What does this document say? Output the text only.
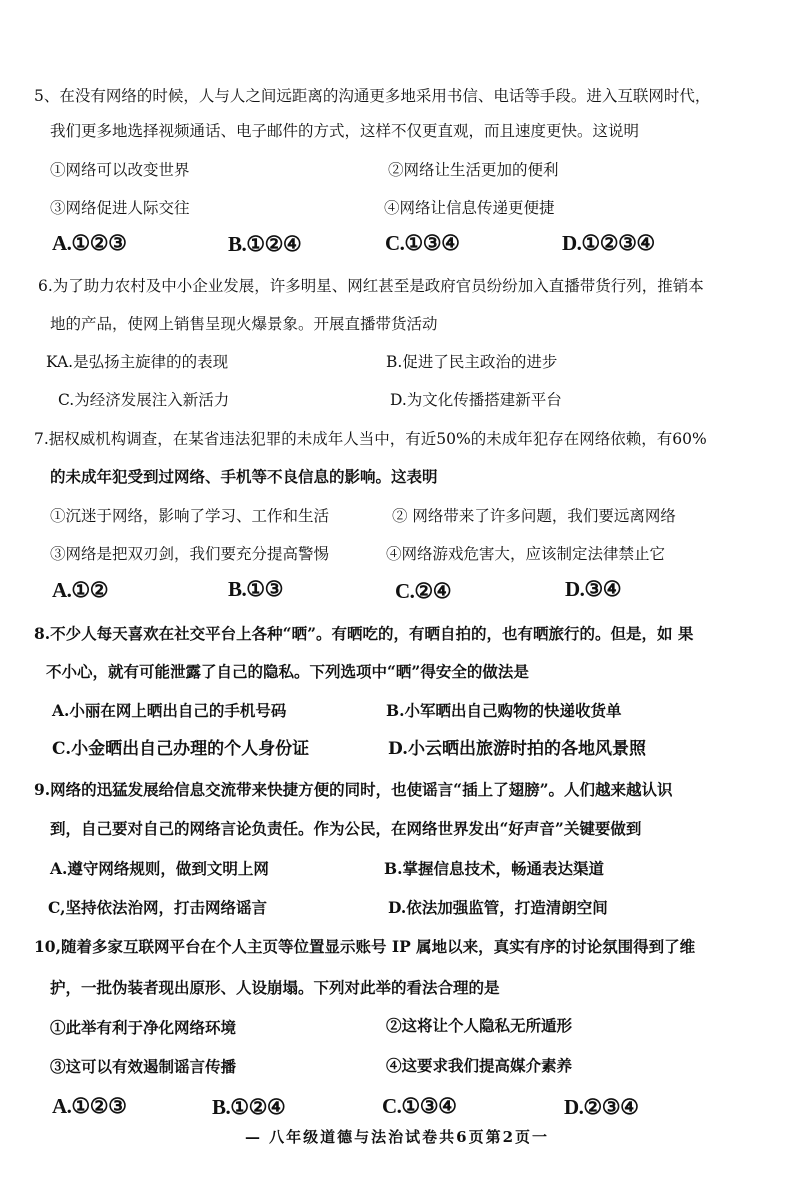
5、在没有网络的时候，人与人之间远距离的沟通更多地采用书信、电话等手段。进入互联网时代，
我们更多地选择视频通话、电子邮件的方式，这样不仅更直观，而且速度更快。这说明
①网络可以改变世界	②网络让生活更加的便利
③网络促进人际交往	④网络让信息传递更便捷
A.①②③	B.①②④	C.①③④	D.①②③④
6.为了助力农村及中小企业发展，许多明星、网红甚至是政府官员纷纷加入直播带货行列，推销本
地的产品，使网上销售呈现火爆景象。开展直播带货活动
KA.是弘扬主旋律的的表现	B.促进了民主政治的进步
C.为经济发展注入新活力	D.为文化传播搭建新平台
7.据权威机构调查，在某省违法犯罪的未成年人当中，有近50%的未成年犯存在网络依赖，有60%
的未成年犯受到过网络、手机等不良信息的影响。这表明
①沉迷于网络，影响了学习、工作和生活	② 网络带来了许多问题，我们要远离网络
③网络是把双刃剑，我们要充分提高警惕	④网络游戏危害大，应该制定法律禁止它
A.①②	B.①③	C.②④	D.③④
8.不少人每天喜欢在社交平台上各种“晒”。有晒吃的，有晒自拍的，也有晒旅行的。但是，如 果
不小心，就有可能泄露了自己的隐私。下列选项中“晒”得安全的做法是
A.小丽在网上晒出自己的手机号码	B.小军晒出自己购物的快递收货单
C.小金晒出自己办理的个人身份证	D.小云晒出旅游时拍的各地风景照
9.网络的迅猛发展给信息交流带来快捷方便的同时，也使谣言“插上了翅膀”。人们越来越认识
到，自己要对自己的网络言论负责任。作为公民，在网络世界发出“好声音”关键要做到
A.遵守网络规则，做到文明上网	B.掌握信息技术，畅通表达渠道
C,坚持依法治网，打击网络谣言	D.依法加强监管，打造清朗空间
10,随着多家互联网平台在个人主页等位置显示账号 IP 属地以来，真实有序的讨论氛围得到了维
护，一批伪装者现出原形、人设崩塌。下列对此举的看法合理的是
①此举有利于净化网络环境	②这将让个人隐私无所遁形
③这可以有效遏制谣言传播	④这要求我们提高媒介素养
A.①②③	B.①②④	C.①③④	D.②③④
— 八年级道德与法治试卷共6页第2页一
